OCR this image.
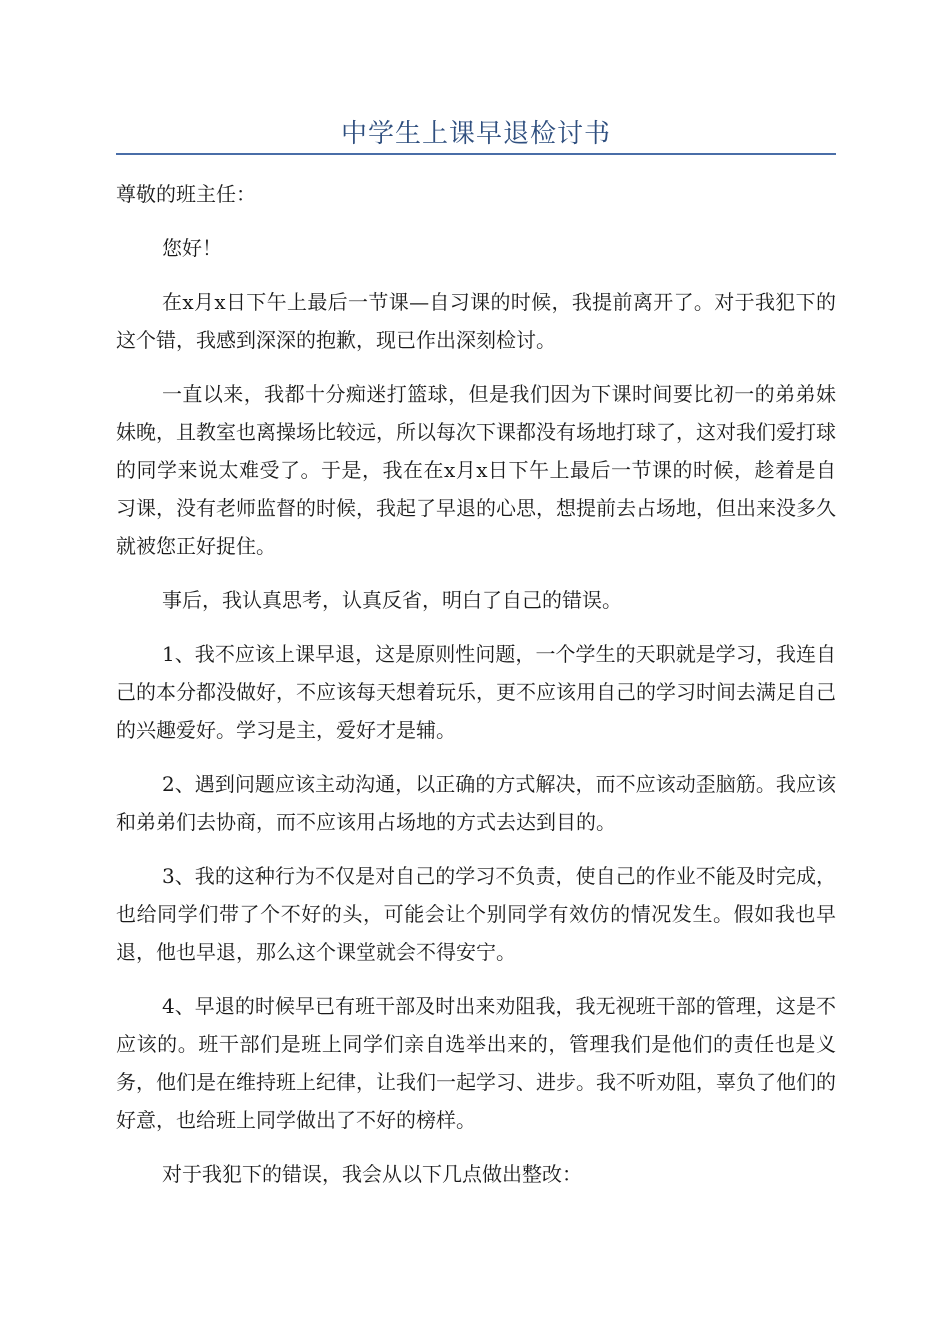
中学生上课早退检讨书

尊敬的班主任：

您好！

在x月x日下午上最后一节课—自习课的时候，我提前离开了。对于我犯下的这个错，我感到深深的抱歉，现已作出深刻检讨。

一直以来，我都十分痴迷打篮球，但是我们因为下课时间要比初一的弟弟妹妹晚，且教室也离操场比较远，所以每次下课都没有场地打球了，这对我们爱打球的同学来说太难受了。于是，我在在x月x日下午上最后一节课的时候，趁着是自习课，没有老师监督的时候，我起了早退的心思，想提前去占场地，但出来没多久就被您正好捉住。

事后，我认真思考，认真反省，明白了自己的错误。

1、我不应该上课早退，这是原则性问题，一个学生的天职就是学习，我连自己的本分都没做好，不应该每天想着玩乐，更不应该用自己的学习时间去满足自己的兴趣爱好。学习是主，爱好才是辅。

2、遇到问题应该主动沟通，以正确的方式解决，而不应该动歪脑筋。我应该和弟弟们去协商，而不应该用占场地的方式去达到目的。

3、我的这种行为不仅是对自己的学习不负责，使自己的作业不能及时完成，也给同学们带了个不好的头，可能会让个别同学有效仿的情况发生。假如我也早退，他也早退，那么这个课堂就会不得安宁。

4、早退的时候早已有班干部及时出来劝阻我，我无视班干部的管理，这是不应该的。班干部们是班上同学们亲自选举出来的，管理我们是他们的责任也是义务，他们是在维持班上纪律，让我们一起学习、进步。我不听劝阻，辜负了他们的好意，也给班上同学做出了不好的榜样。

对于我犯下的错误，我会从以下几点做出整改：
